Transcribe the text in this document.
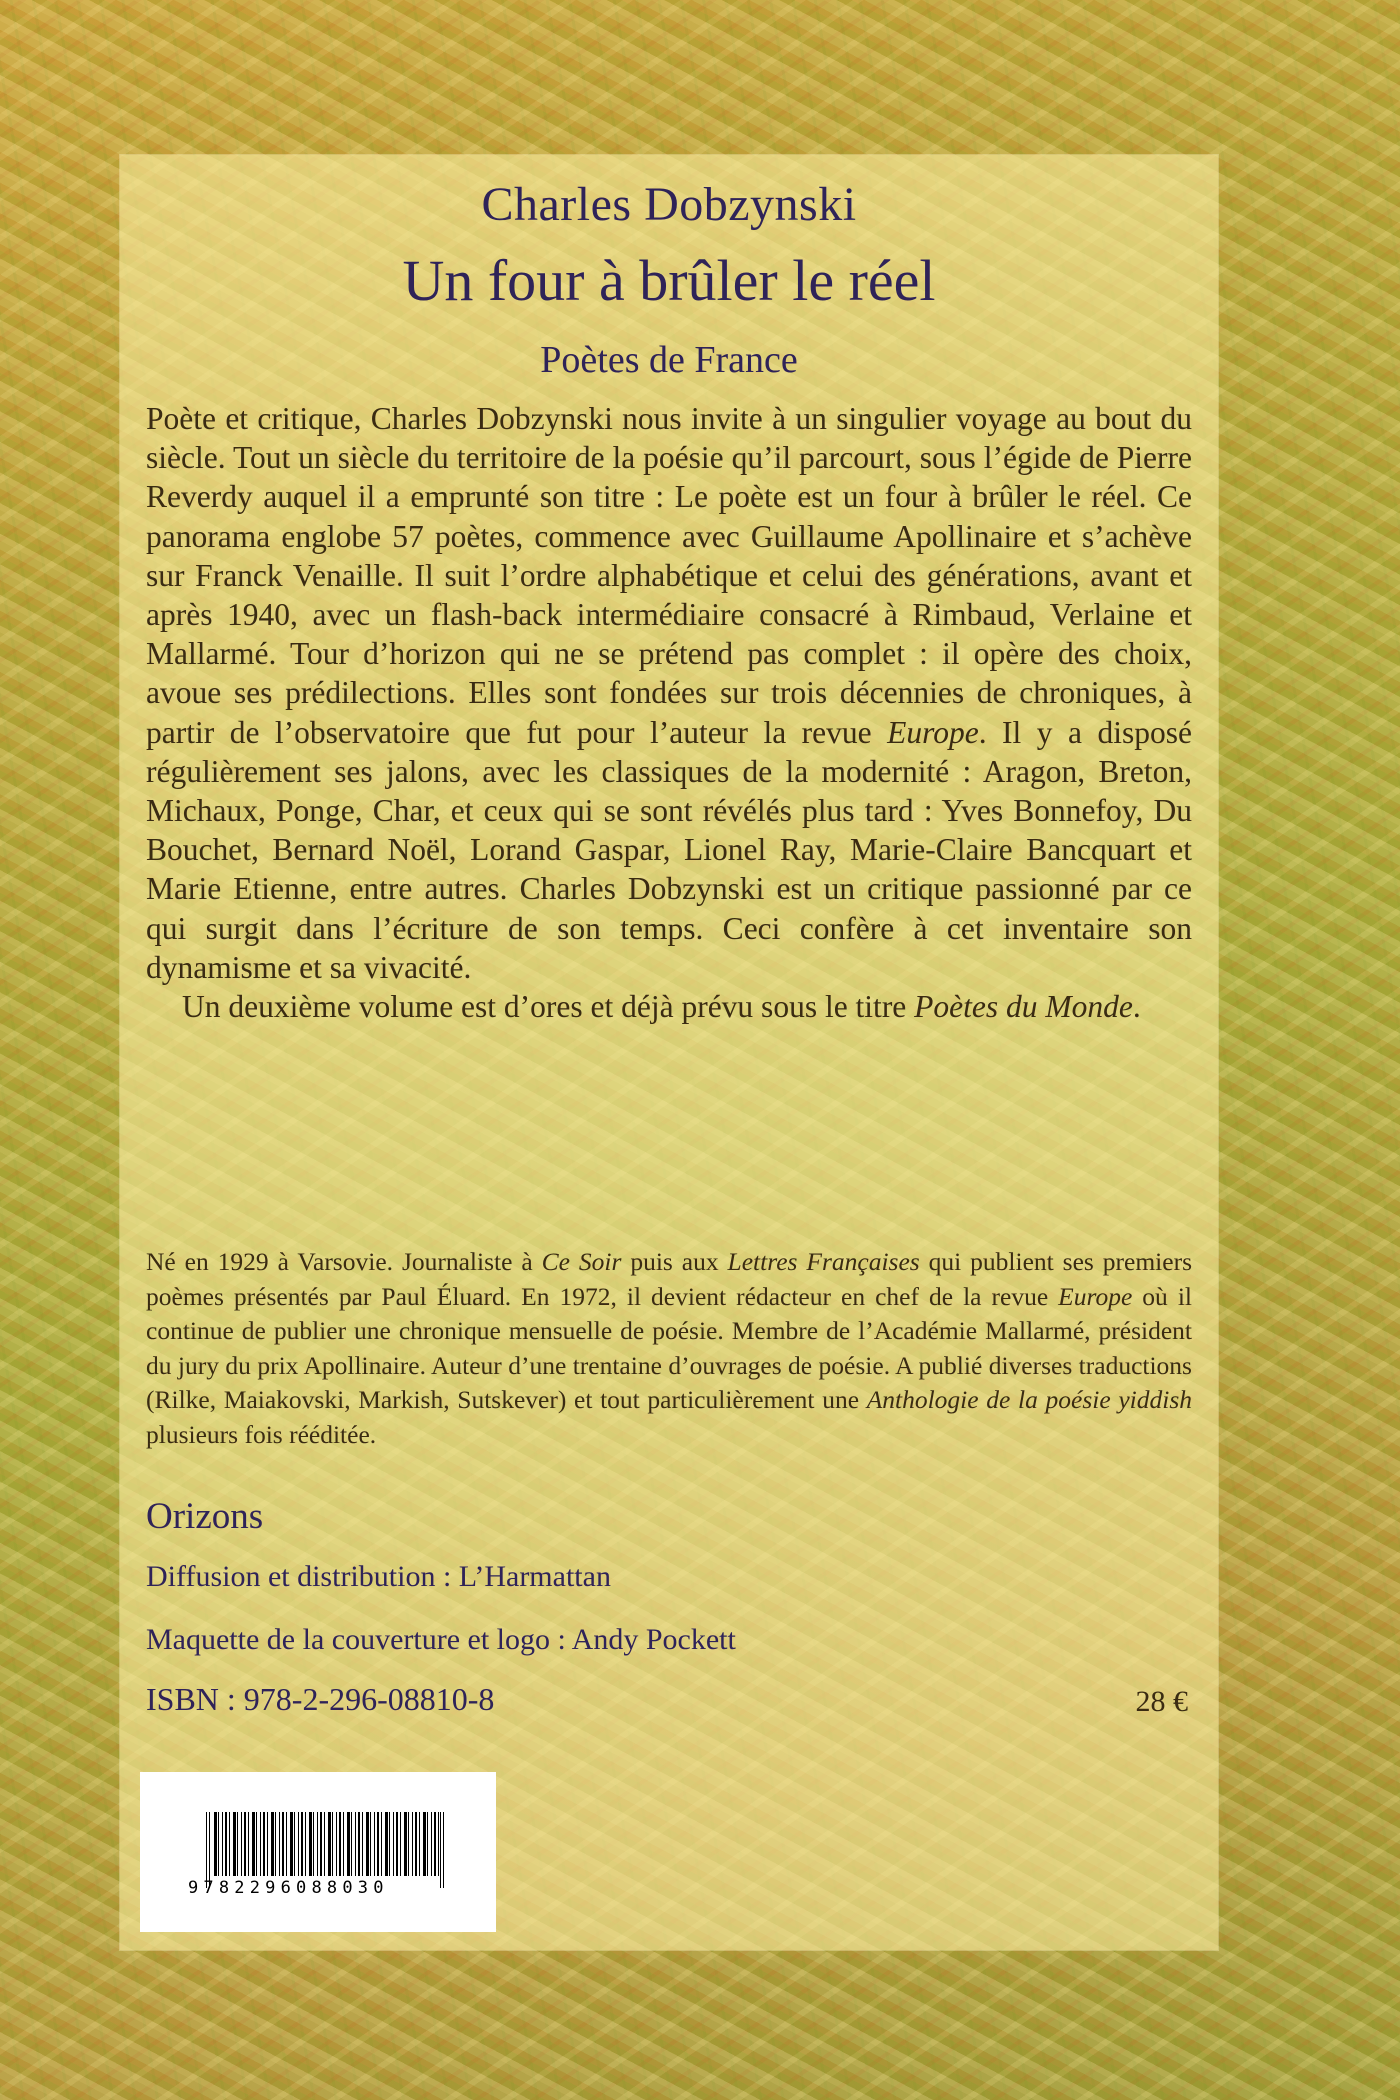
Charles Dobzynski
Un four à brûler le réel
Poètes de France

Poète et critique, Charles Dobzynski nous invite à un singulier voyage au bout du siècle. Tout un siècle du territoire de la poésie qu’il parcourt, sous l’égide de Pierre Reverdy auquel il a emprunté son titre : Le poète est un four à brûler le réel. Ce panorama englobe 57 poètes, commence avec Guillaume Apollinaire et s’achève sur Franck Venaille. Il suit l’ordre alphabétique et celui des générations, avant et après 1940, avec un flash-back intermédiaire consacré à Rimbaud, Verlaine et Mallarmé. Tour d’horizon qui ne se prétend pas complet : il opère des choix, avoue ses prédilections. Elles sont fondées sur trois décennies de chroniques, à partir de l’observatoire que fut pour l’auteur la revue Europe. Il y a disposé régulièrement ses jalons, avec les classiques de la modernité : Aragon, Breton, Michaux, Ponge, Char, et ceux qui se sont révélés plus tard : Yves Bonnefoy, Du Bouchet, Bernard Noël, Lorand Gaspar, Lionel Ray, Marie-Claire Bancquart et Marie Etienne, entre autres. Charles Dobzynski est un critique passionné par ce qui surgit dans l’écriture de son temps. Ceci confère à cet inventaire son dynamisme et sa vivacité.

Un deuxième volume est d’ores et déjà prévu sous le titre Poètes du Monde.

Né en 1929 à Varsovie. Journaliste à Ce Soir puis aux Lettres Françaises qui publient ses premiers poèmes présentés par Paul Éluard. En 1972, il devient rédacteur en chef de la revue Europe où il continue de publier une chronique mensuelle de poésie. Membre de l’Académie Mallarmé, président du jury du prix Apollinaire. Auteur d’une trentaine d’ouvrages de poésie. A publié diverses traductions (Rilke, Maiakovski, Markish, Sutskever) et tout particulièrement une Anthologie de la poésie yiddish plusieurs fois rééditée.

Orizons
Diffusion et distribution : L’Harmattan
Maquette de la couverture et logo : Andy Pockett
ISBN : 978-2-296-08810-8	28 €
9782296088030
